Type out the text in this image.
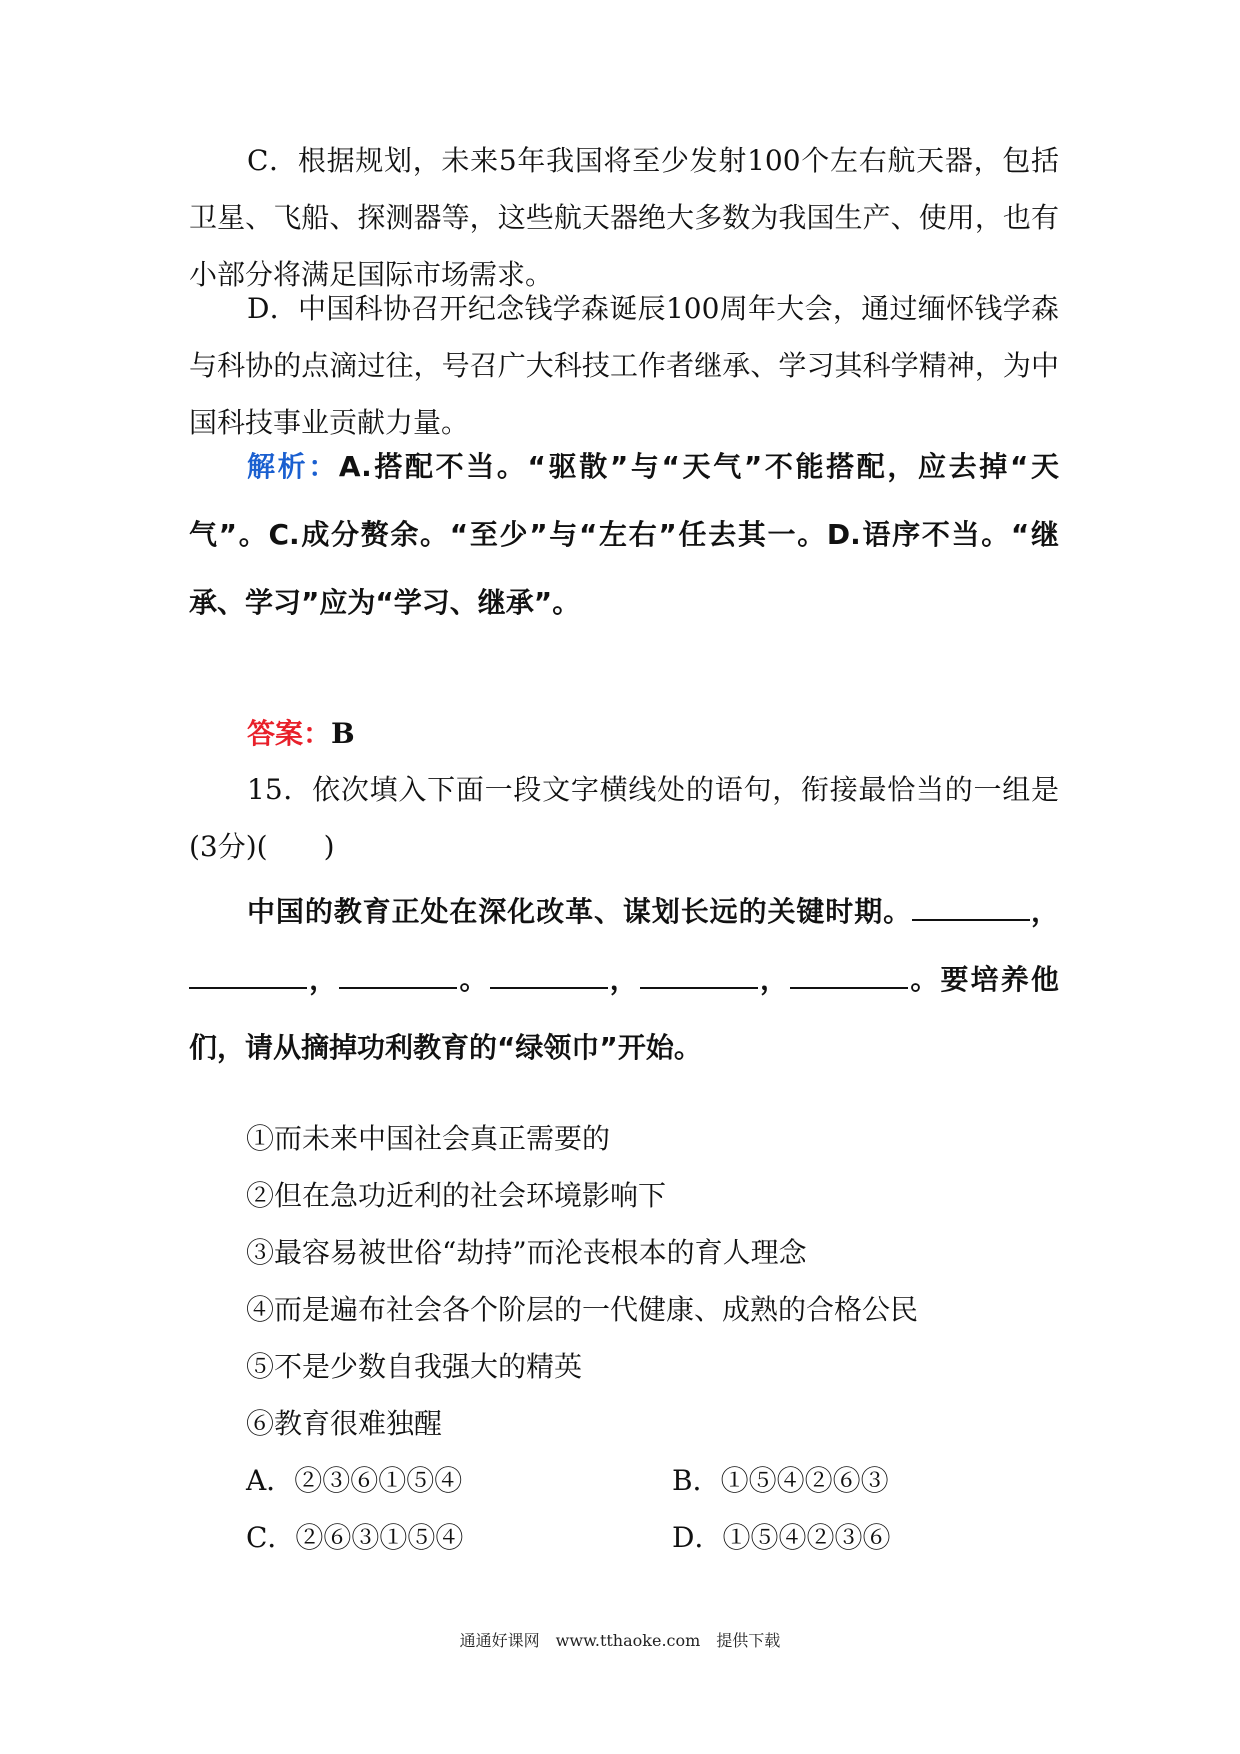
C．根据规划，未来5年我国将至少发射100个左右航天器，包括卫星、飞船、探测器等，这些航天器绝大多数为我国生产、使用，也有小部分将满足国际市场需求。

D．中国科协召开纪念钱学森诞辰100周年大会，通过缅怀钱学森与科协的点滴过往，号召广大科技工作者继承、学习其科学精神，为中国科技事业贡献力量。

解析：A.搭配不当。“驱散”与“天气”不能搭配，应去掉“天气”。C.成分赘余。“至少”与“左右”任去其一。D.语序不当。“继承、学习”应为“学习、继承”。

答案：B

15．依次填入下面一段文字横线处的语句，衔接最恰当的一组是(3分)(　　)

中国的教育正处在深化改革、谋划长远的关键时期。	，，	。	，	，	。要培养他们，请从摘掉功利教育的“绿领巾”开始。

①而未来中国社会真正需要的
②但在急功近利的社会环境影响下
③最容易被世俗“劫持”而沦丧根本的育人理念
④而是遍布社会各个阶层的一代健康、成熟的合格公民
⑤不是少数自我强大的精英
⑥教育很难独醒
A．②③⑥①⑤④	B．①⑤④②⑥③
C．②⑥③①⑤④	D．①⑤④②③⑥
通通好课网　www.tthaoke.com　提供下载
